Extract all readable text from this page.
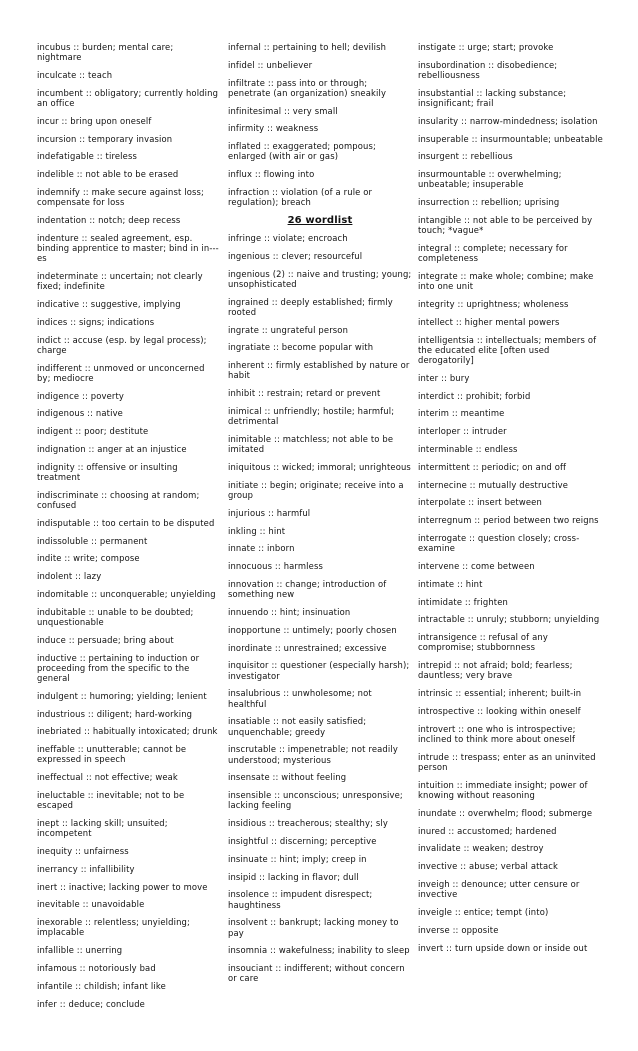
incubus :: burden; mental care; nightmare
inculcate :: teach
incumbent :: obligatory; currently holding an office
incur :: bring upon oneself
incursion :: temporary invasion
indefatigable :: tireless
indelible :: not able to be erased
indemnify :: make secure against loss; compensate for loss
indentation :: notch; deep recess
indenture :: sealed agreement, esp. binding apprentice to master; bind in in---es
indeterminate :: uncertain; not clearly fixed; indefinite
indicative :: suggestive, implying
indices :: signs; indications
indict :: accuse (esp. by legal process); charge
indifferent :: unmoved or unconcerned by; mediocre
indigence :: poverty
indigenous :: native
indigent :: poor; destitute
indignation :: anger at an injustice
indignity :: offensive or insulting treatment
indiscriminate :: choosing at random; confused
indisputable :: too certain to be disputed
indissoluble :: permanent
indite :: write; compose
indolent :: lazy
indomitable :: unconquerable; unyielding
indubitable :: unable to be doubted; unquestionable
induce :: persuade; bring about
inductive :: pertaining to induction or proceeding from the specific to the general
indulgent :: humoring; yielding; lenient
industrious :: diligent; hard-working
inebriated :: habitually intoxicated; drunk
ineffable :: unutterable; cannot be expressed in speech
ineffectual :: not effective; weak
ineluctable :: inevitable; not to be escaped
inept :: lacking skill; unsuited; incompetent
inequity :: unfairness
inerrancy :: infallibility
inert :: inactive; lacking power to move
inevitable :: unavoidable
inexorable :: relentless; unyielding; implacable
infallible :: unerring
infamous :: notoriously bad
infantile :: childish; infant like
infer :: deduce; conclude
infernal :: pertaining to hell; devilish
infidel :: unbeliever
infiltrate :: pass into or through; penetrate (an organization) sneakily
infinitesimal :: very small
infirmity :: weakness
inflated :: exaggerated; pompous; enlarged (with air or gas)
influx :: flowing into
infraction :: violation (of a rule or regulation); breach
26 wordlist
infringe :: violate; encroach
ingenious :: clever; resourceful
ingenious (2) :: naive and trusting; young; unsophisticated
ingrained :: deeply established; firmly rooted
ingrate :: ungrateful person
ingratiate :: become popular with
inherent :: firmly established by nature or habit
inhibit :: restrain; retard or prevent
inimical :: unfriendly; hostile; harmful; detrimental
inimitable :: matchless; not able to be imitated
iniquitous :: wicked; immoral; unrighteous
initiate :: begin; originate; receive into a group
injurious :: harmful
inkling :: hint
innate :: inborn
innocuous :: harmless
innovation :: change; introduction of something new
innuendo :: hint; insinuation
inopportune :: untimely; poorly chosen
inordinate :: unrestrained; excessive
inquisitor :: questioner (especially harsh); investigator
insalubrious :: unwholesome; not healthful
insatiable :: not easily satisfied; unquenchable; greedy
inscrutable :: impenetrable; not readily understood; mysterious
insensate :: without feeling
insensible :: unconscious; unresponsive; lacking feeling
insidious :: treacherous; stealthy; sly
insightful :: discerning; perceptive
insinuate :: hint; imply; creep in
insipid :: lacking in flavor; dull
insolence :: impudent disrespect; haughtiness
insolvent :: bankrupt; lacking money to pay
insomnia :: wakefulness; inability to sleep
insouciant :: indifferent; without concern or care
instigate :: urge; start; provoke
insubordination :: disobedience; rebelliousness
insubstantial :: lacking substance; insignificant; frail
insularity :: narrow-mindedness; isolation
insuperable :: insurmountable; unbeatable
insurgent :: rebellious
insurmountable :: overwhelming; unbeatable; insuperable
insurrection :: rebellion; uprising
intangible :: not able to be perceived by touch; *vague*
integral :: complete; necessary for completeness
integrate :: make whole; combine; make into one unit
integrity :: uprightness; wholeness
intellect :: higher mental powers
intelligentsia :: intellectuals; members of the educated elite [often used derogatorily]
inter :: bury
interdict :: prohibit; forbid
interim :: meantime
interloper :: intruder
interminable :: endless
intermittent :: periodic; on and off
internecine :: mutually destructive
interpolate :: insert between
interregnum :: period between two reigns
interrogate :: question closely; cross-examine
intervene :: come between
intimate :: hint
intimidate :: frighten
intractable :: unruly; stubborn; unyielding
intransigence :: refusal of any compromise; stubbornness
intrepid :: not afraid; bold; fearless; dauntless; very brave
intrinsic :: essential; inherent; built-in
introspective :: looking within oneself
introvert :: one who is introspective; inclined to think more about oneself
intrude :: trespass; enter as an uninvited person
intuition :: immediate insight; power of knowing without reasoning
inundate :: overwhelm; flood; submerge
inured :: accustomed; hardened
invalidate :: weaken; destroy
invective :: abuse; verbal attack
inveigh :: denounce; utter censure or invective
inveigle :: entice; tempt (into)
inverse :: opposite
invert :: turn upside down or inside out
